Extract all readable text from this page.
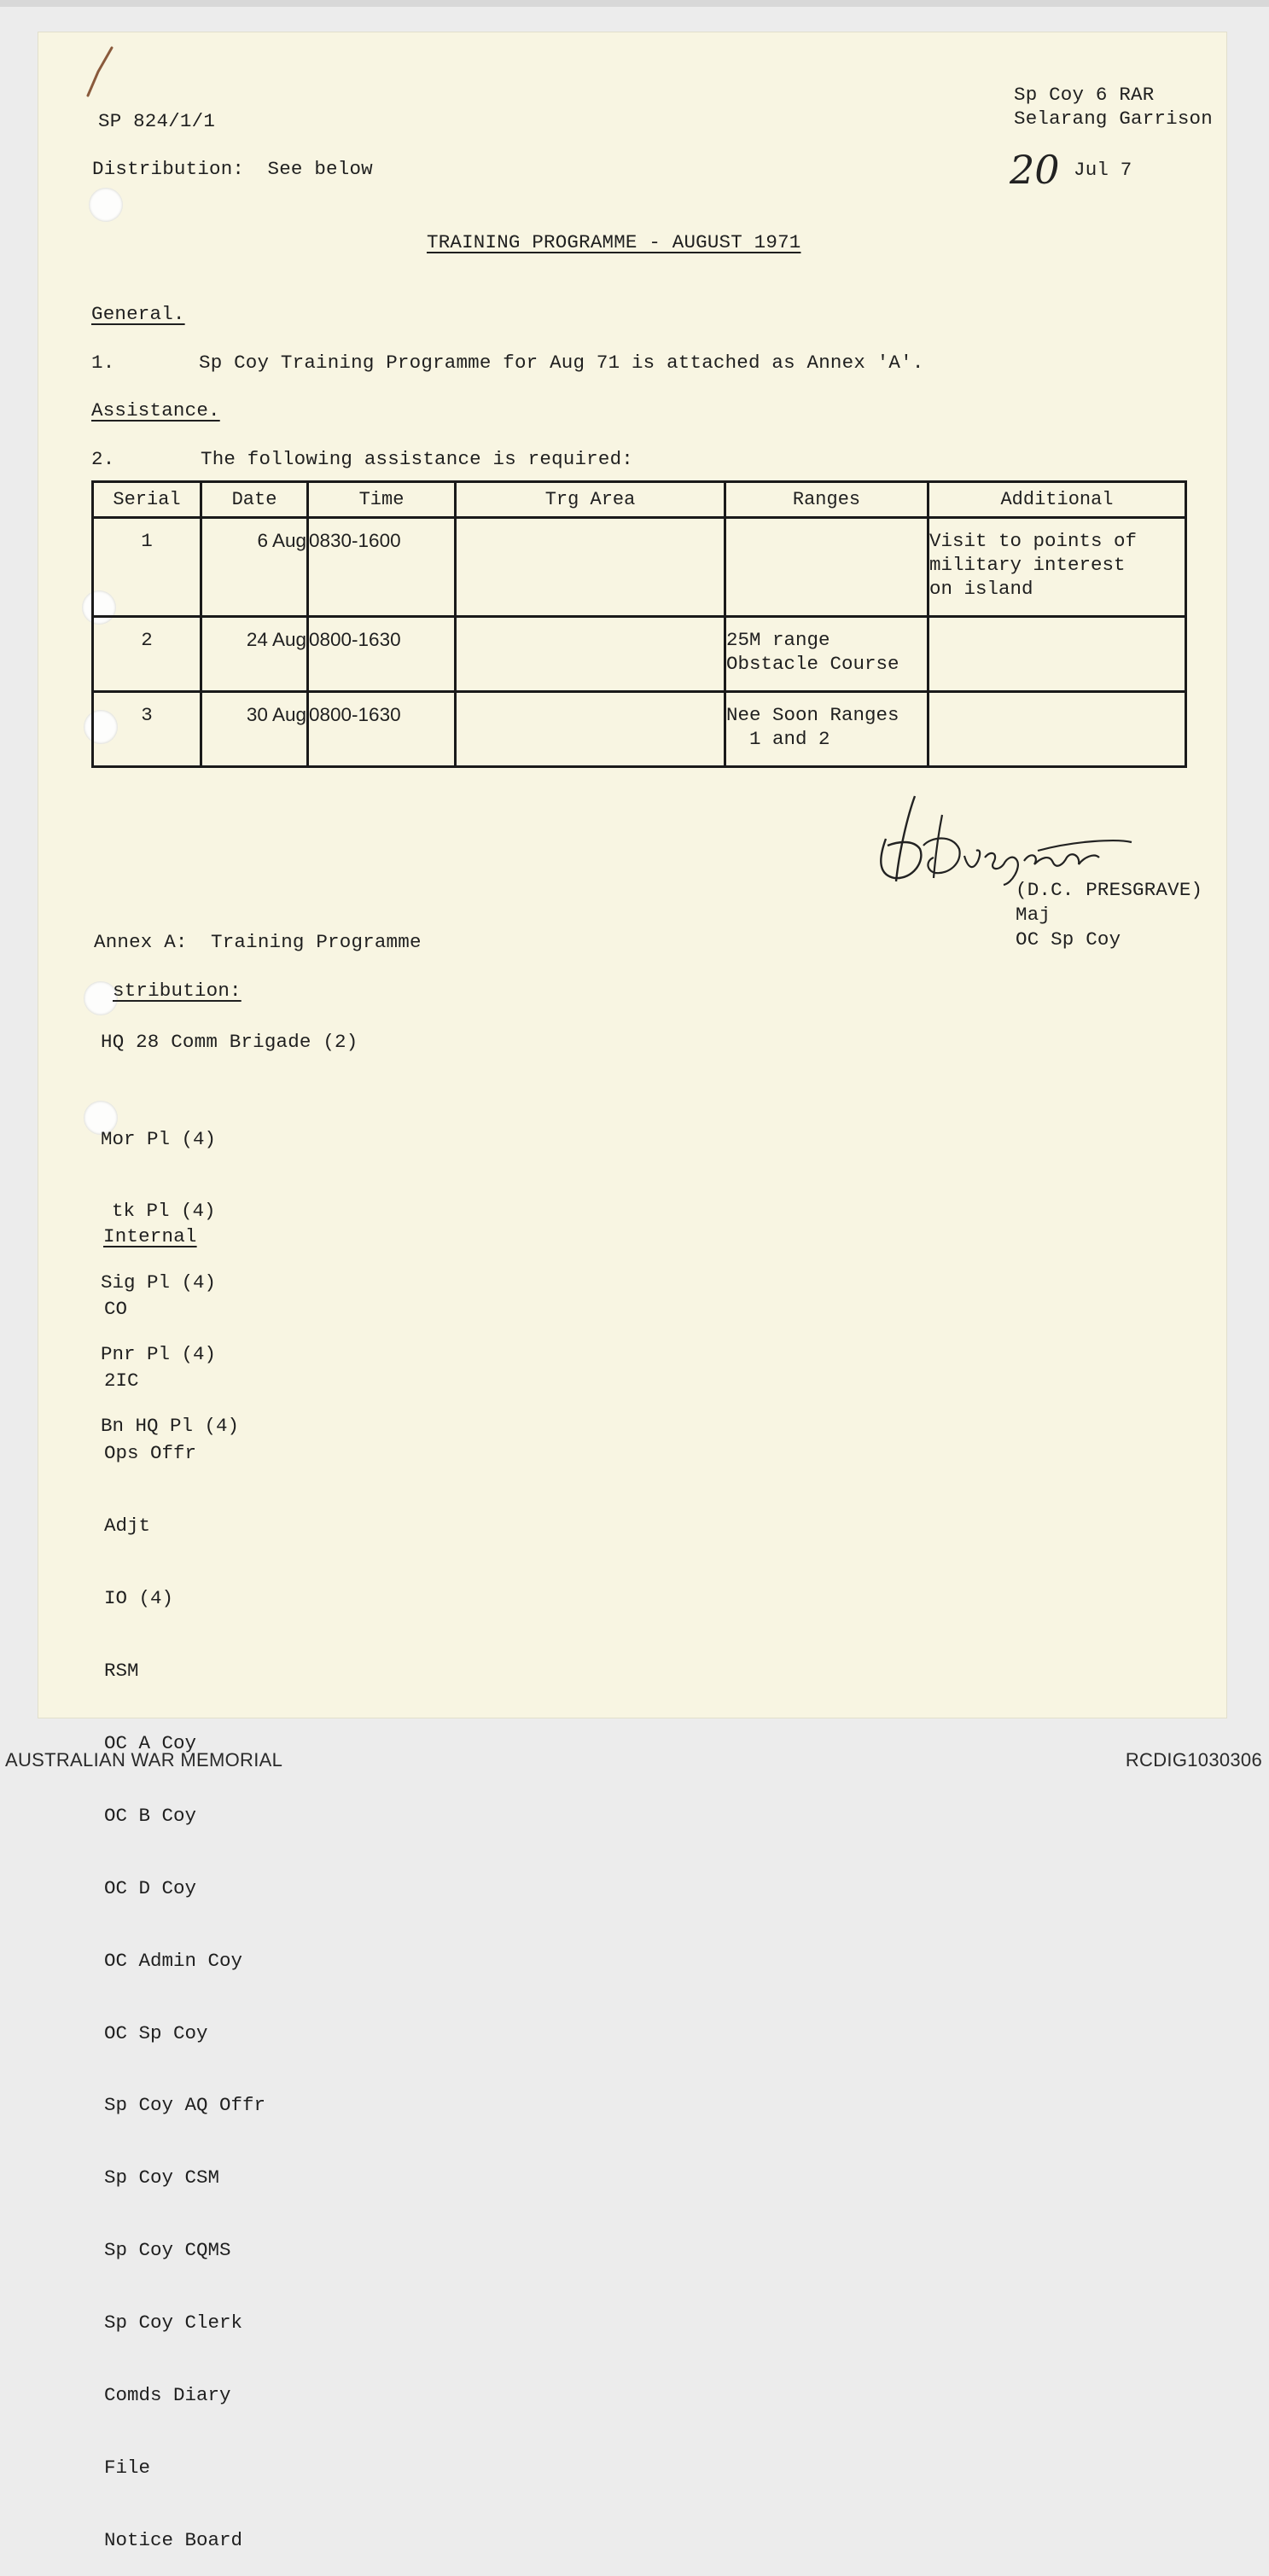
SP 824/1/1
Sp Coy 6 RAR
Selarang Garrison
Distribution:  See below	20 Jul 7
TRAINING PROGRAMME - AUGUST 1971
General.
1.	Sp Coy Training Programme for Aug 71 is attached as Annex 'A'.
Assistance.
2.	The following assistance is required:
Serial	Date	Time	Trg Area	Ranges	Additional
1	6 Aug	0830-1600			Visit to points of
military interest
on island

2	24 Aug	0800-1630		25M range
Obstacle Course	

3	30 Aug	0800-1630		Nee Soon Ranges
1 and 2	

(D.C. PRESGRAVE)
Maj
OC Sp Coy
Annex A:  Training Programme
stribution:
HQ 28 Comm Brigade (2)

Mor Pl (4)

tk Pl (4)

Sig Pl (4)

Pnr Pl (4)

Bn HQ Pl (4)

Internal

CO

2IC

Ops Offr

Adjt

IO (4)

RSM

OC A Coy

OC B Coy

OC D Coy

OC Admin Coy

OC Sp Coy

Sp Coy AQ Offr

Sp Coy CSM

Sp Coy CQMS

Sp Coy Clerk

Comds Diary

File

Notice Board

AUSTRALIAN WAR MEMORIAL	RCDIG1030306
